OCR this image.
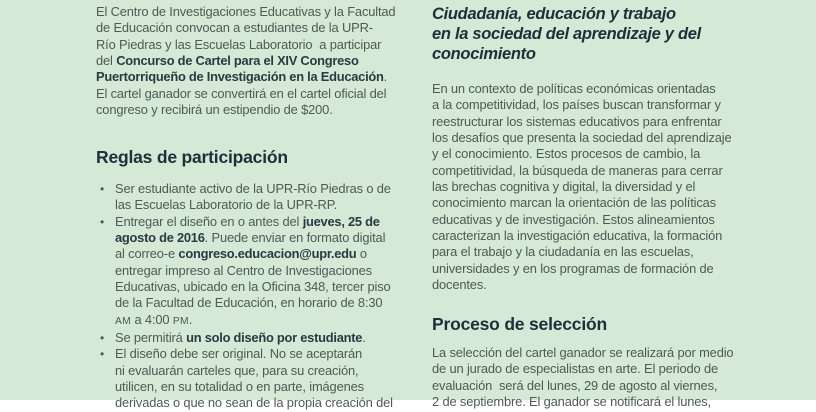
El Centro de Investigaciones Educativas y la Facultad
de Educación convocan a estudiantes de la UPR-
Río Piedras y las Escuelas Laboratorio  a participar
del Concurso de Cartel para el XIV Congreso
Puertorriqueño de Investigación en la Educación.
El cartel ganador se convertirá en el cartel oficial del
congreso y recibirá un estipendio de $200.
Reglas de participación
• Ser estudiante activo de la UPR-Río Piedras o de
las Escuelas Laboratorio de la UPR-RP.
• Entregar el diseño en o antes del jueves, 25 de
agosto de 2016. Puede enviar en formato digital
al correo-e congreso.educacion@upr.edu o
entregar impreso al Centro de Investigaciones
Educativas, ubicado en la Oficina 348, tercer piso
de la Facultad de Educación, en horario de 8:30
AM a 4:00 PM.
• Se permitirá un solo diseño por estudiante.
• El diseño debe ser original. No se aceptarán
ni evaluarán carteles que, para su creación,
utilicen, en su totalidad o en parte, imágenes
derivadas o que no sean de la propia creación del
Ciudadanía, educación y trabajo
en la sociedad del aprendizaje y del
conocimiento
En un contexto de políticas económicas orientadas
a la competitividad, los países buscan transformar y
reestructurar los sistemas educativos para enfrentar
los desafíos que presenta la sociedad del aprendizaje
y el conocimiento. Estos procesos de cambio, la
competitividad, la búsqueda de maneras para cerrar
las brechas cognitiva y digital, la diversidad y el
conocimiento marcan la orientación de las políticas
educativas y de investigación. Estos alineamientos
caracterizan la investigación educativa, la formación
para el trabajo y la ciudadanía en las escuelas,
universidades y en los programas de formación de
docentes.
Proceso de selección
La selección del cartel ganador se realizará por medio
de un jurado de especialistas en arte. El periodo de
evaluación  será del lunes, 29 de agosto al viernes,
2 de septiembre. El ganador se notificará el lunes,
